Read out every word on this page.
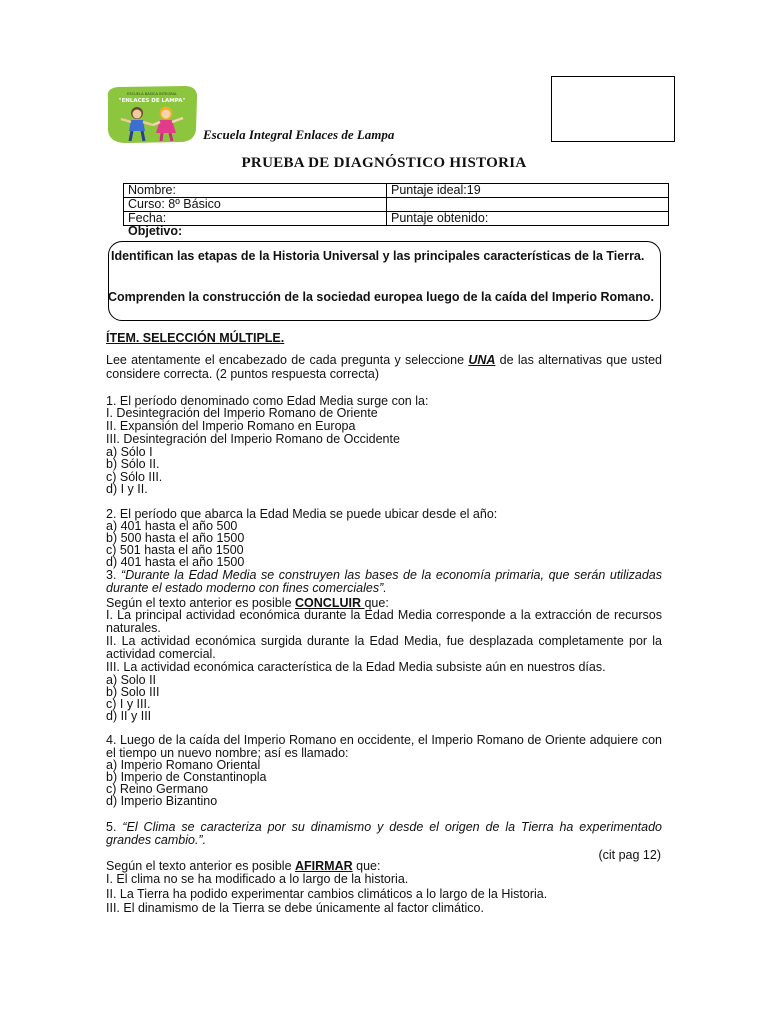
ESCUELA BASICA INTEGRAL
"ENLACES DE LAMPA"
Escuela Integral Enlaces de Lampa
PRUEBA DE DIAGNÓSTICO HISTORIA
Nombre:	Puntaje ideal:19
Curso: 8º Básico	
Fecha:	Puntaje obtenido:
Objetivo:
Identifican las etapas de la Historia Universal y las principales características de la Tierra.
Comprenden la construcción de la sociedad europea luego de la caída del Imperio Romano.
ÍTEM. SELECCIÓN MÚLTIPLE.
Lee atentamente el encabezado de cada pregunta y seleccione UNA de las alternativas que usted considere correcta. (2 puntos respuesta correcta)
1. El período denominado como Edad Media surge con la:
I. Desintegración del Imperio Romano de Oriente
II. Expansión del Imperio Romano en Europa
III. Desintegración del Imperio Romano de Occidente
a) Sólo I
b) Sólo II.
c) Sólo III.
d) I y II.
2. El período que abarca la Edad Media se puede ubicar desde el año:
a) 401 hasta el año 500
b) 500 hasta el año 1500
c) 501 hasta el año 1500
d) 401 hasta el año 1500
3. “Durante la Edad Media se construyen las bases de la economía primaria, que serán utilizadas durante el estado moderno con fines comerciales”.
Según el texto anterior es posible CONCLUIR que:
I. La principal actividad económica durante la Edad Media corresponde a la extracción de recursos naturales.
II. La actividad económica surgida durante la Edad Media, fue desplazada completamente por la actividad comercial.
III. La actividad económica característica de la Edad Media subsiste aún en nuestros días.
a) Solo II
b) Solo III
c) I y III.
d) II y III
4. Luego de la caída del Imperio Romano en occidente, el Imperio Romano de Oriente adquiere con el tiempo un nuevo nombre; así es llamado:
a) Imperio Romano Oriental
b) Imperio de Constantinopla
c) Reino Germano
d) Imperio Bizantino
5. “El Clima se caracteriza por su dinamismo y desde el origen de la Tierra ha experimentado grandes cambio.”.
(cit pag 12)
Según el texto anterior es posible AFIRMAR que:
I. El clima no se ha modificado a lo largo de la historia.
II. La Tierra ha podido experimentar cambios climáticos a lo largo de la Historia.
III. El dinamismo de la Tierra se debe únicamente al factor climático.
